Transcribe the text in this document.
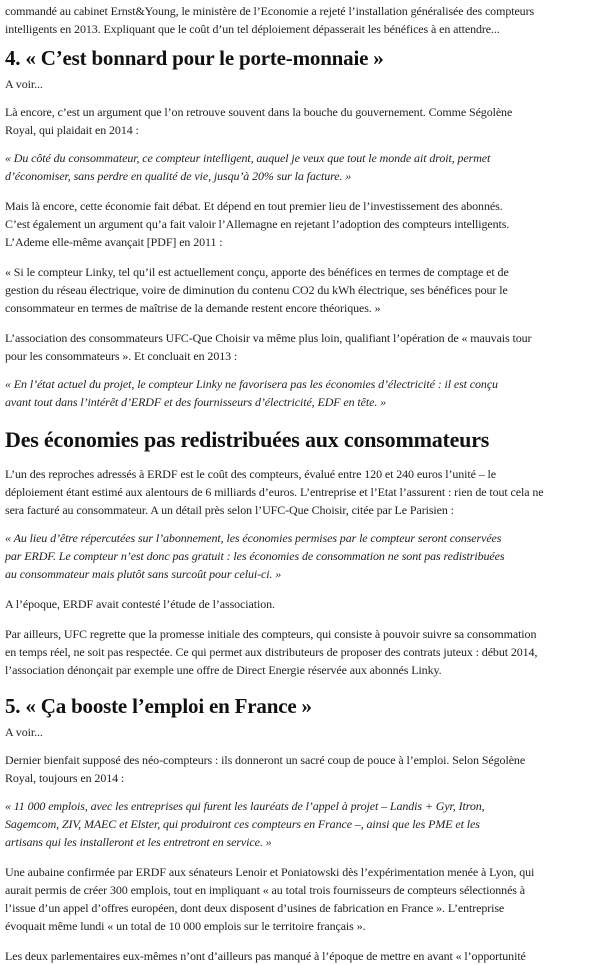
commandé au cabinet Ernst&Young, le ministère de l’Economie a rejeté l’installation généralisée des compteurs
intelligents en 2013. Expliquant que le coût d’un tel déploiement dépasserait les bénéfices à en attendre...

4. « C’est bonnard pour le porte-monnaie »

A voir...

Là encore, c’est un argument que l’on retrouve souvent dans la bouche du gouvernement. Comme Ségolène
Royal, qui plaidait en 2014 :

« Du côté du consommateur, ce compteur intelligent, auquel je veux que tout le monde ait droit, permet
d’économiser, sans perdre en qualité de vie, jusqu’à 20% sur la facture. »

Mais là encore, cette économie fait débat. Et dépend en tout premier lieu de l’investissement des abonnés.
C’est également un argument qu’a fait valoir l’Allemagne en rejetant l’adoption des compteurs intelligents.
L’Ademe elle-même avançait [PDF] en 2011 :

« Si le compteur Linky, tel qu’il est actuellement conçu, apporte des bénéfices en termes de comptage et de
gestion du réseau électrique, voire de diminution du contenu CO2 du kWh électrique, ses bénéfices pour le
consommateur en termes de maîtrise de la demande restent encore théoriques. »

L’association des consommateurs UFC-Que Choisir va même plus loin, qualifiant l’opération de « mauvais tour
pour les consommateurs ». Et concluait en 2013 :

« En l’état actuel du projet, le compteur Linky ne favorisera pas les économies d’électricité : il est conçu
avant tout dans l’intérêt d’ERDF et des fournisseurs d’électricité, EDF en tête. »

Des économies pas redistribuées aux consommateurs

L’un des reproches adressés à ERDF est le coût des compteurs, évalué entre 120 et 240 euros l’unité – le
déploiement étant estimé aux alentours de 6 milliards d’euros. L’entreprise et l’Etat l’assurent : rien de tout cela ne
sera facturé au consommateur. A un détail près selon l’UFC-Que Choisir, citée par Le Parisien :

« Au lieu d’être répercutées sur l’abonnement, les économies permises par le compteur seront conservées
par ERDF. Le compteur n’est donc pas gratuit : les économies de consommation ne sont pas redistribuées
au consommateur mais plutôt sans surcoût pour celui-ci. »

A l’époque, ERDF avait contesté l’étude de l’association.

Par ailleurs, UFC regrette que la promesse initiale des compteurs, qui consiste à pouvoir suivre sa consommation
en temps réel, ne soit pas respectée. Ce qui permet aux distributeurs de proposer des contrats juteux : début 2014,
l’association dénonçait par exemple une offre de Direct Energie réservée aux abonnés Linky.

5. « Ça booste l’emploi en France »

A voir...

Dernier bienfait supposé des néo-compteurs : ils donneront un sacré coup de pouce à l’emploi. Selon Ségolène
Royal, toujours en 2014 :

« 11 000 emplois, avec les entreprises qui furent les lauréats de l’appel à projet – Landis + Gyr, Itron,
Sagemcom, ZIV, MAEC et Elster, qui produiront ces compteurs en France –, ainsi que les PME et les
artisans qui les installeront et les entretront en service. »

Une aubaine confirmée par ERDF aux sénateurs Lenoir et Poniatowski dès l’expérimentation menée à Lyon, qui
aurait permis de créer 300 emplois, tout en impliquant « au total trois fournisseurs de compteurs sélectionnés à
l’issue d’un appel d’offres européen, dont deux disposent d’usines de fabrication en France ». L’entreprise
évoquait même lundi « un total de 10 000 emplois sur le territoire français ».

Les deux parlementaires eux-mêmes n’ont d’ailleurs pas manqué à l’époque de mettre en avant « l’opportunité
